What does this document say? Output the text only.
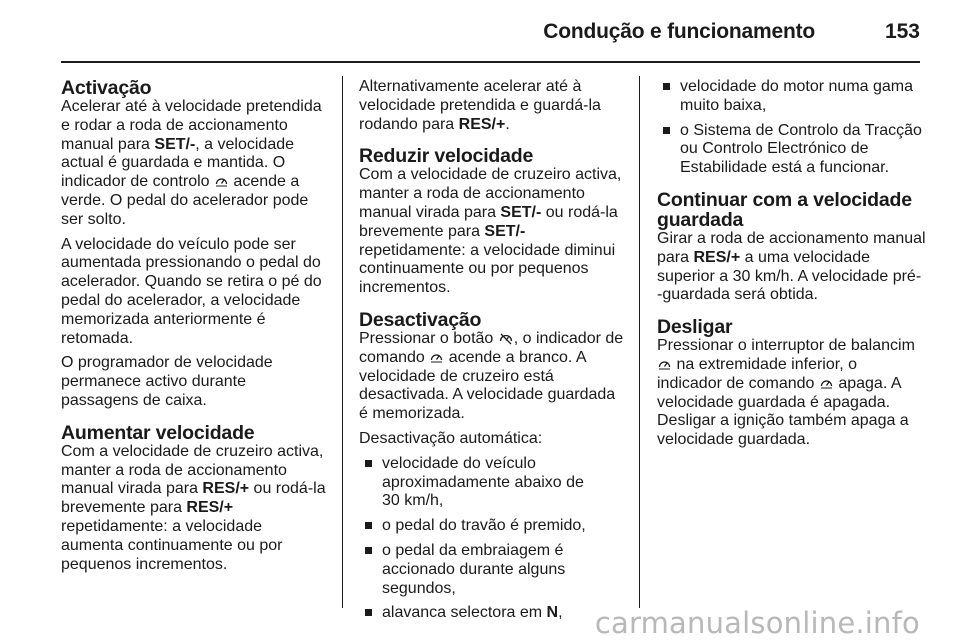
Condução e funcionamento	153
Activação

Acelerar até à velocidade pretendida
e rodar a roda de accionamento
manual para SET/-, a velocidade
actual é guardada e mantida. O
indicador de controlo
acende a
verde. O pedal do acelerador pode
ser solto.

A velocidade do veículo pode ser
aumentada pressionando o pedal do
acelerador. Quando se retira o pé do
pedal do acelerador, a velocidade
memorizada anteriormente é
retomada.

O programador de velocidade
permanece activo durante
passagens de caixa.

Aumentar velocidade

Com a velocidade de cruzeiro activa,
manter a roda de accionamento
manual virada para RES/+ ou rodá-la
brevemente para RES/+
repetidamente: a velocidade
aumenta continuamente ou por
pequenos incrementos.

Alternativamente acelerar até à
velocidade pretendida e guardá-la
rodando para RES/+.

Reduzir velocidade

Com a velocidade de cruzeiro activa,
manter a roda de accionamento
manual virada para SET/- ou rodá-la
brevemente para SET/-
repetidamente: a velocidade diminui
continuamente ou por pequenos
incrementos.

Desactivação

Pressionar o botão
, o indicador de
comando
acende a branco. A
velocidade de cruzeiro está
desactivada. A velocidade guardada
é memorizada.

Desactivação automática:

velocidade do veículo
aproximadamente abaixo de
30 km/h,
o pedal do travão é premido,
o pedal da embraiagem é
accionado durante alguns
segundos,
alavanca selectora em N,
velocidade do motor numa gama
muito baixa,
o Sistema de Controlo da Tracção
ou Controlo Electrónico de
Estabilidade está a funcionar.
Continuar com a velocidade
guardada

Girar a roda de accionamento manual
para RES/+ a uma velocidade
superior a 30 km/h. A velocidade pré-
-guardada será obtida.

Desligar

Pressionar o interruptor de balancim
na extremidade inferior, o
indicador de comando
apaga. A
velocidade guardada é apagada.
Desligar a ignição também apaga a
velocidade guardada.

carmanualsonline.info
